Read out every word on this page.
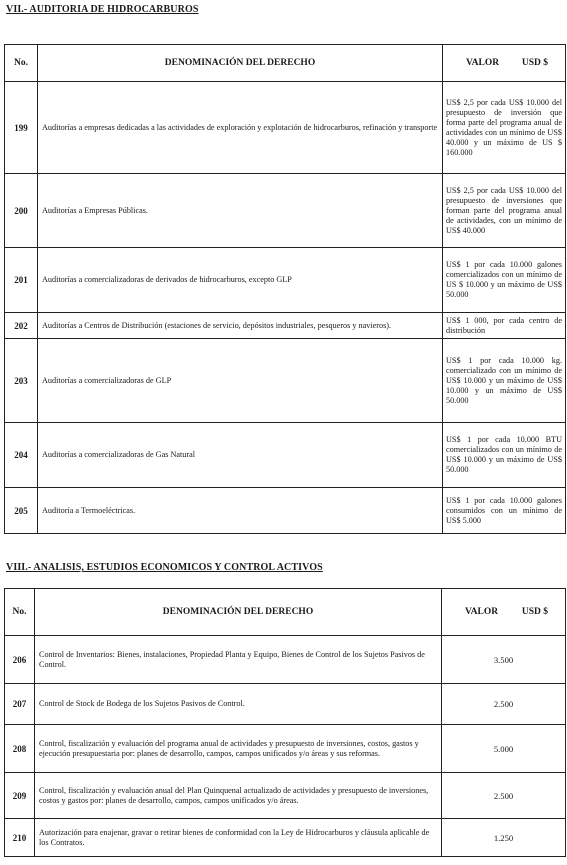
VII.- AUDITORIA DE HIDROCARBUROS
No.	DENOMINACIÓN DEL DERECHO	VALOR USD $

199	Auditorías a empresas dedicadas a las actividades de exploración y explotación de hidrocarburos, refinación y transporte	US$ 2,5 por cada US$ 10.000 del presupuesto de inversión que forma parte del programa anual de actividades con un mínimo de US$ 40.000 y un máximo de US $ 160.000
200	Auditorías a Empresas Públicas.	US$ 2,5 por cada US$ 10.000 del presupuesto de inversiones que forman parte del programa anual de actividades, con un mínimo de US$ 40.000
201	Auditorías a comercializadoras de derivados de hidrocarburos, excepto GLP	US$ 1 por cada 10.000 galones comercializados con un mínimo de US $ 10.000 y un máximo de US$ 50.000
202	Auditorías a Centros de Distribución (estaciones de servicio, depósitos industriales, pesqueros y navieros).	US$ 1 000, por cada centro de distribución
203	Auditorías a comercializadoras de GLP	US$ 1 por cada 10.000 kg. comercializado con un mínimo de US$ 10.000 y un máximo de US$ 10.000 y un máximo de US$ 50.000
204	Auditorías a comercializadoras de Gas Natural	US$ 1 por cada 10.000 BTU comercializados con un mínimo de US$ 10.000 y un máximo de US$ 50.000
205	Auditoría a Termoeléctricas.	US$ 1 por cada 10.000 galones consumidos con un mínimo de US$ 5.000
VIII.- ANALISIS, ESTUDIOS ECONOMICOS Y CONTROL ACTIVOS
No.	DENOMINACIÓN DEL DERECHO	VALOR USD $

206	Control de Inventarios: Bienes, instalaciones, Propiedad Planta y Equipo, Bienes de Control de los Sujetos Pasivos de Control.	3.500
207	Control de Stock de Bodega de los Sujetos Pasivos de Control.	2.500
208	Control, fiscalización y evaluación del programa anual de actividades y presupuesto de inversiones, costos, gastos y ejecución presupuestaria por: planes de desarrollo, campos, campos unificados y/o áreas y sus reformas.	5.000
209	Control, fiscalización y evaluación anual del Plan Quinquenal actualizado de actividades y presupuesto de inversiones, costos y gastos por: planes de desarrollo, campos, campos unificados y/o áreas.	2.500
210	Autorización para enajenar, gravar o retirar bienes de conformidad con la Ley de Hidrocarburos y cláusula aplicable de los Contratos.	1.250
